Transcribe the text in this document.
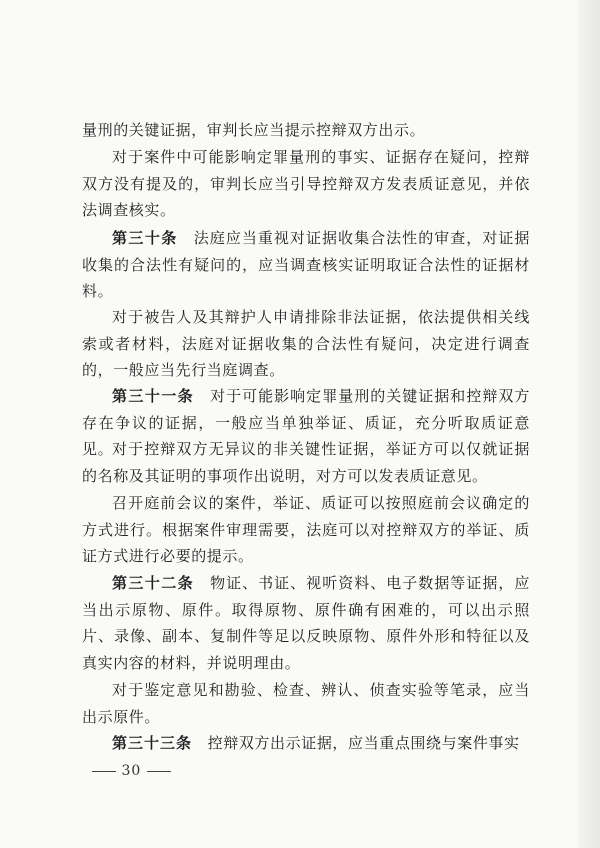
量刑的关键证据，审判长应当提示控辩双方出示。

对于案件中可能影响定罪量刑的事实、证据存在疑问，控辩双方没有提及的，审判长应当引导控辩双方发表质证意见，并依法调查核实。

第三十条　 法庭应当重视对证据收集合法性的审查，对证据收集的合法性有疑问的，应当调查核实证明取证合法性的证据材料。

对于被告人及其辩护人申请排除非法证据，依法提供相关线索或者材料，法庭对证据收集的合法性有疑问，决定进行调查的，一般应当先行当庭调查。

第三十一条　 对于可能影响定罪量刑的关键证据和控辩双方存在争议的证据，一般应当单独举证、质证，充分听取质证意见。

对于控辩双方无异议的非关键性证据，举证方可以仅就证据的名称及其证明的事项作出说明，对方可以发表质证意见。

召开庭前会议的案件，举证、质证可以按照庭前会议确定的方式进行。根据案件审理需要，法庭可以对控辩双方的举证、质证方式进行必要的提示。

第三十二条　 物证、书证、视听资料、电子数据等证据，应当出示原物、原件。取得原物、原件确有困难的，可以出示照片、录像、副本、复制件等足以反映原物、原件外形和特征以及真实内容的材料，并说明理由。

对于鉴定意见和勘验、检查、辨认、侦查实验等笔录，应当出示原件。

第三十三条　 控辩双方出示证据，应当重点围绕与案件事实

30
